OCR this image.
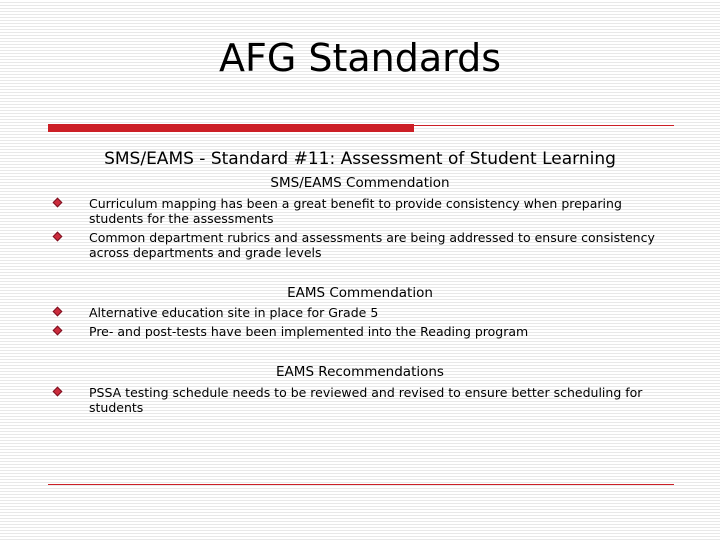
AFG Standards
SMS/EAMS - Standard #11: Assessment of Student Learning
SMS/EAMS Commendation
Curriculum mapping has been a great benefit to provide consistency when preparing students for the assessments
Common department rubrics and assessments are being addressed to ensure consistency across departments and grade levels
EAMS Commendation
Alternative education site in place for Grade 5
Pre- and post-tests have been implemented into the Reading program
EAMS Recommendations
PSSA testing schedule needs to be reviewed and revised to ensure better scheduling for students
